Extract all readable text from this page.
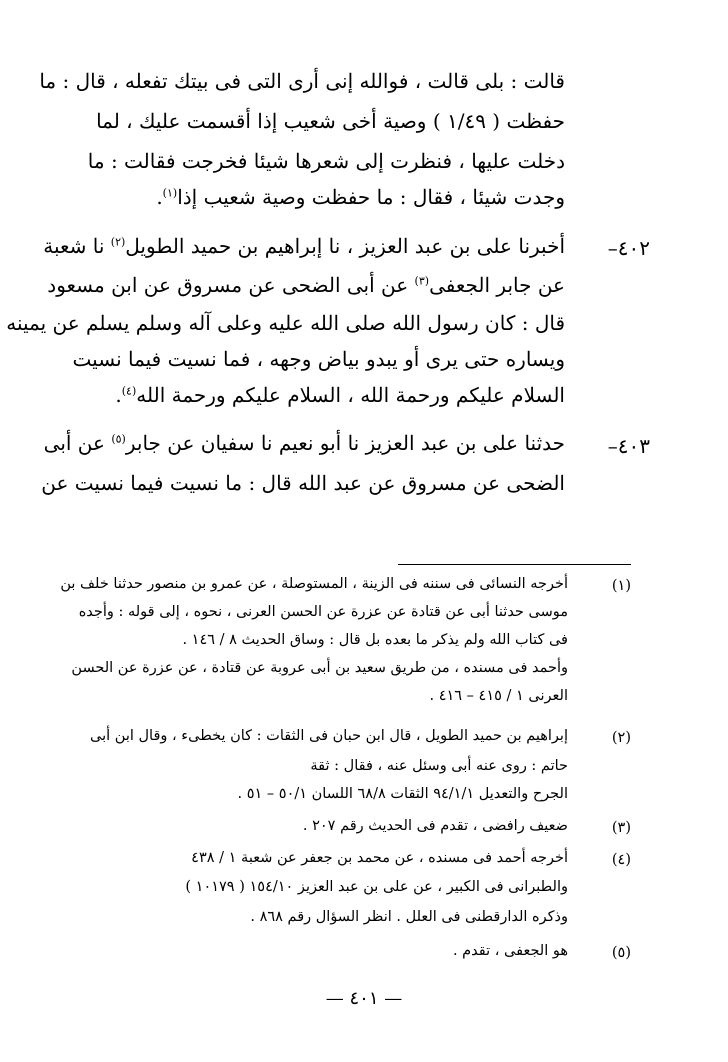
قالت : بلى قالت ، فوالله إنى أرى التى فى بيتك تفعله ، قال : ما
حفظت ( ١/٤٩ ) وصية أخى شعيب إذا أقسمت عليك ، لما
دخلت عليها ، فنظرت إلى شعرها شيئا فخرجت فقالت : ما
وجدت شيئا ، فقال : ما حفظت وصية شعيب إذا$^{(١)}$.
٤٠٢–
أخبرنا على بن عبد العزيز ، نا إبراهيم بن حميد الطويل$^{(٢)}$ نا شعبة
عن جابر الجعفى$^{(٣)}$ عن أبى الضحى عن مسروق عن ابن مسعود
قال : كان رسول الله صلى الله عليه وعلى آله وسلم يسلم عن يمينه
ويساره حتى يرى أو يبدو بياض وجهه ، فما نسيت فيما نسيت
السلام عليكم ورحمة الله ، السلام عليكم ورحمة الله$^{(٤)}$.
٤٠٣–
حدثنا على بن عبد العزيز نا أبو نعيم نا سفيان عن جابر$^{(٥)}$ عن أبى
الضحى عن مسروق عن عبد الله قال : ما نسيت فيما نسيت عن
(١)
أخرجه النسائى فى سننه فى الزينة ، المستوصلة ، عن عمرو بن منصور حدثنا خلف بن
موسى حدثنا أبى عن قتادة عن عزرة عن الحسن العرنى ، نحوه ، إلى قوله : وأجده
فى كتاب الله ولم يذكر ما بعده بل قال : وساق الحديث ٨ / ١٤٦ .
وأحمد فى مسنده ، من طريق سعيد بن أبى عروبة عن قتادة ، عن عزرة عن الحسن
العرنى ١ / ٤١٥ – ٤١٦ .
(٢)
إبراهيم بن حميد الطويل ، قال ابن حبان فى الثقات : كان يخطىء ، وقال ابن أبى
حاتم : روى عنه أبى وسئل عنه ، فقال : ثقة
الجرح والتعديل ٩٤/١/١ الثقات ٦٨/٨ اللسان ٥٠/١ – ٥١ .
(٣)
ضعيف رافضى ، تقدم فى الحديث رقم ٢٠٧ .
(٤)
أخرجه أحمد فى مسنده ، عن محمد بن جعفر عن شعبة ١ / ٤٣٨
والطبرانى فى الكبير ، عن على بن عبد العزيز ١٥٤/١٠ ( ١٠١٧٩ )
وذكره الدارقطنى فى العلل . انظر السؤال رقم ٨٦٨ .
(٥)
هو الجعفى ، تقدم .
— ٤٠١ —
